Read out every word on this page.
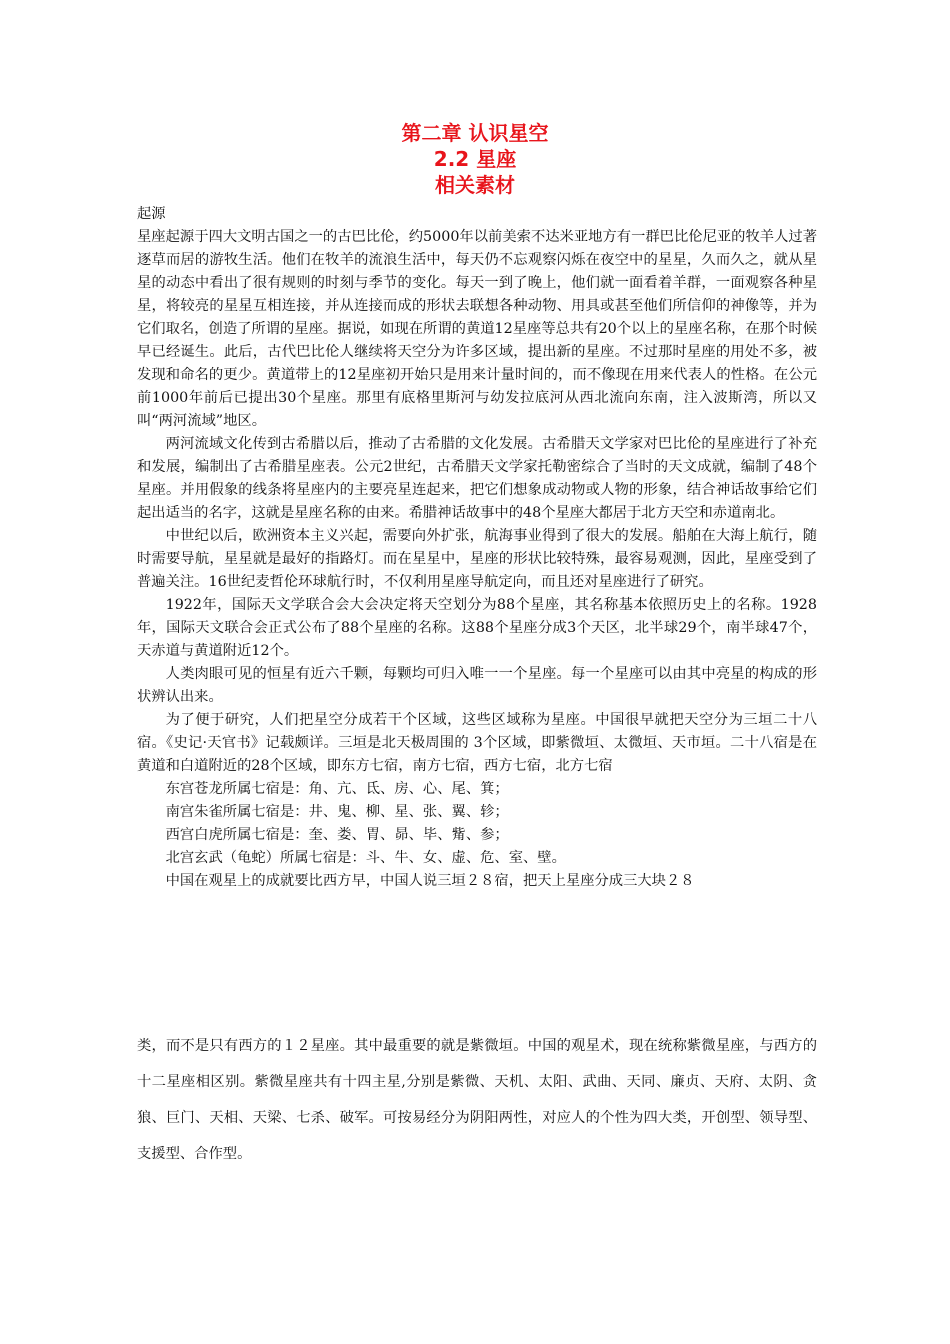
第二章 认识星空
2.2 星座
相关素材

起源

星座起源于四大文明古国之一的古巴比伦，约5000年以前美索不达米亚地方有一群巴比伦尼亚的牧羊人过著逐草而居的游牧生活。他们在牧羊的流浪生活中，每天仍不忘观察闪烁在夜空中的星星，久而久之，就从星星的动态中看出了很有规则的时刻与季节的变化。每天一到了晚上，他们就一面看着羊群，一面观察各种星星，将较亮的星星互相连接，并从连接而成的形状去联想各种动物、用具或甚至他们所信仰的神像等，并为它们取名，创造了所谓的星座。据说，如现在所谓的黄道12星座等总共有20个以上的星座名称，在那个时候早已经诞生。此后，古代巴比伦人继续将天空分为许多区域，提出新的星座。不过那时星座的用处不多，被发现和命名的更少。黄道带上的12星座初开始只是用来计量时间的，而不像现在用来代表人的性格。在公元前1000年前后已提出30个星座。那里有底格里斯河与幼发拉底河从西北流向东南，注入波斯湾，所以又叫“两河流域”地区。

两河流域文化传到古希腊以后，推动了古希腊的文化发展。古希腊天文学家对巴比伦的星座进行了补充和发展，编制出了古希腊星座表。公元2世纪，古希腊天文学家托勒密综合了当时的天文成就，编制了48个星座。并用假象的线条将星座内的主要亮星连起来，把它们想象成动物或人物的形象，结合神话故事给它们起出适当的名字，这就是星座名称的由来。希腊神话故事中的48个星座大都居于北方天空和赤道南北。

中世纪以后，欧洲资本主义兴起，需要向外扩张，航海事业得到了很大的发展。船舶在大海上航行，随时需要导航，星星就是最好的指路灯。而在星星中，星座的形状比较特殊，最容易观测，因此，星座受到了普遍关注。16世纪麦哲伦环球航行时，不仅利用星座导航定向，而且还对星座进行了研究。

1922年，国际天文学联合会大会决定将天空划分为88个星座，其名称基本依照历史上的名称。1928年，国际天文联合会正式公布了88个星座的名称。这88个星座分成3个天区，北半球29个，南半球47个，天赤道与黄道附近12个。

人类肉眼可见的恒星有近六千颗，每颗均可归入唯一一个星座。每一个星座可以由其中亮星的构成的形状辨认出来。

为了便于研究，人们把星空分成若干个区域，这些区域称为星座。中国很早就把天空分为三垣二十八宿。《史记·天官书》记载颇详。三垣是北天极周围的 3个区域，即紫微垣、太微垣、天市垣。二十八宿是在黄道和白道附近的28个区域，即东方七宿，南方七宿，西方七宿，北方七宿

东宫苍龙所属七宿是：角、亢、氐、房、心、尾、箕；

南宫朱雀所属七宿是：井、鬼、柳、星、张、翼、轸；

西宫白虎所属七宿是：奎、娄、胃、昴、毕、觜、参；

北宫玄武（龟蛇）所属七宿是：斗、牛、女、虚、危、室、壁。

中国在观星上的成就要比西方早，中国人说三垣２８宿，把天上星座分成三大块２８

类，而不是只有西方的１２星座。其中最重要的就是紫微垣。中国的观星术，现在统称紫微星座，与西方的十二星座相区别。紫微星座共有十四主星,分别是紫微、天机、太阳、武曲、天同、廉贞、天府、太阴、贪狼、巨门、天相、天梁、七杀、破军。可按易经分为阴阳两性，对应人的个性为四大类，开创型、领导型、支援型、合作型。
